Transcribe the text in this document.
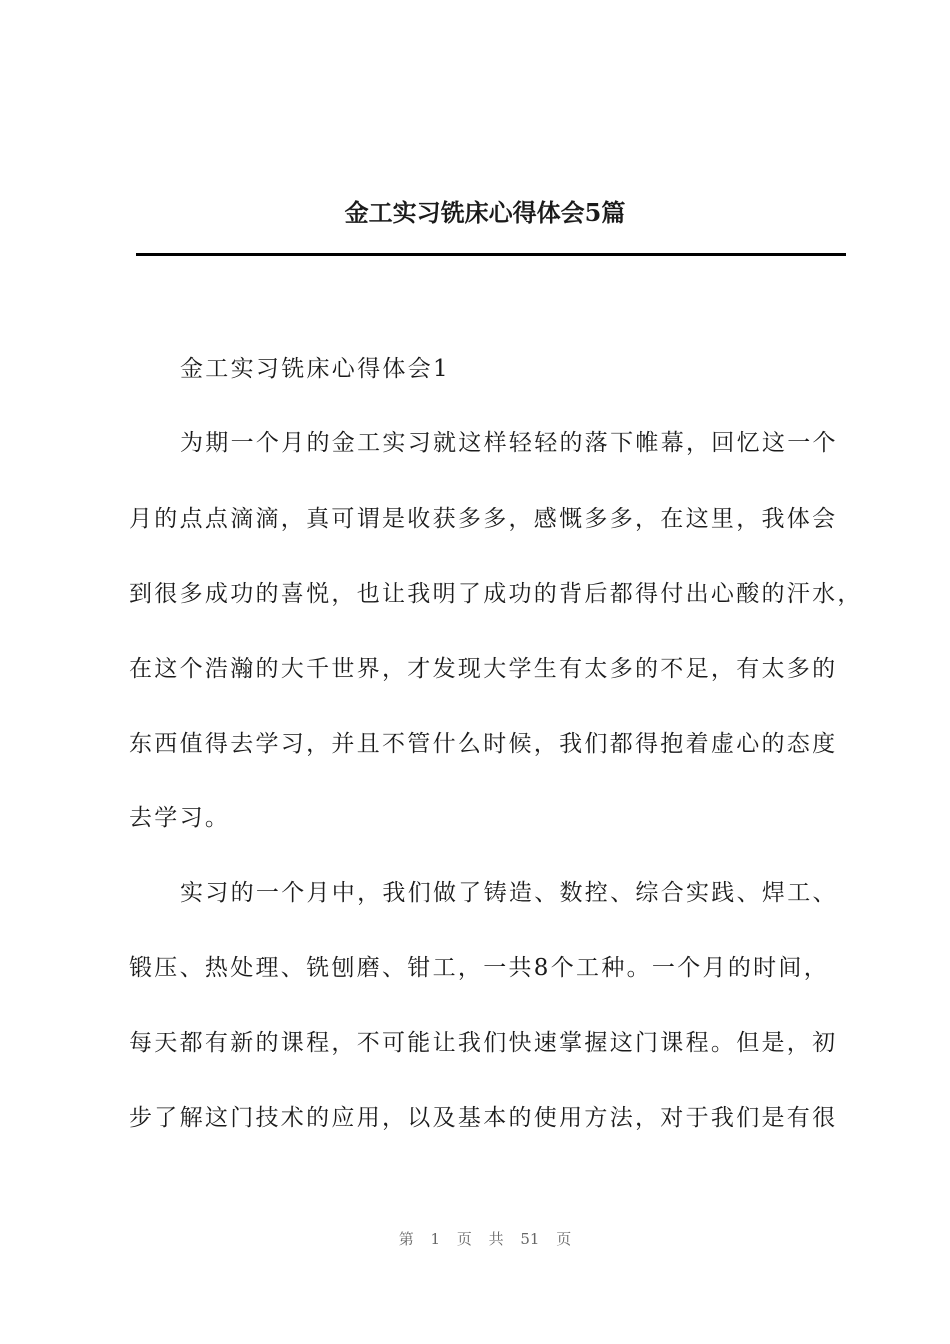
金工实习铣床心得体会5篇
金工实习铣床心得体会1
为期一个月的金工实习就这样轻轻的落下帷幕，回忆这一个
月的点点滴滴，真可谓是收获多多，感慨多多，在这里，我体会
到很多成功的喜悦，也让我明了成功的背后都得付出心酸的汗水，
在这个浩瀚的大千世界，才发现大学生有太多的不足，有太多的
东西值得去学习，并且不管什么时候，我们都得抱着虚心的态度
去学习。
实习的一个月中，我们做了铸造、数控、综合实践、焊工、
锻压、热处理、铣刨磨、钳工，一共8个工种。一个月的时间，
每天都有新的课程，不可能让我们快速掌握这门课程。但是，初
步了解这门技术的应用，以及基本的使用方法，对于我们是有很
第 1 页 共 51 页
